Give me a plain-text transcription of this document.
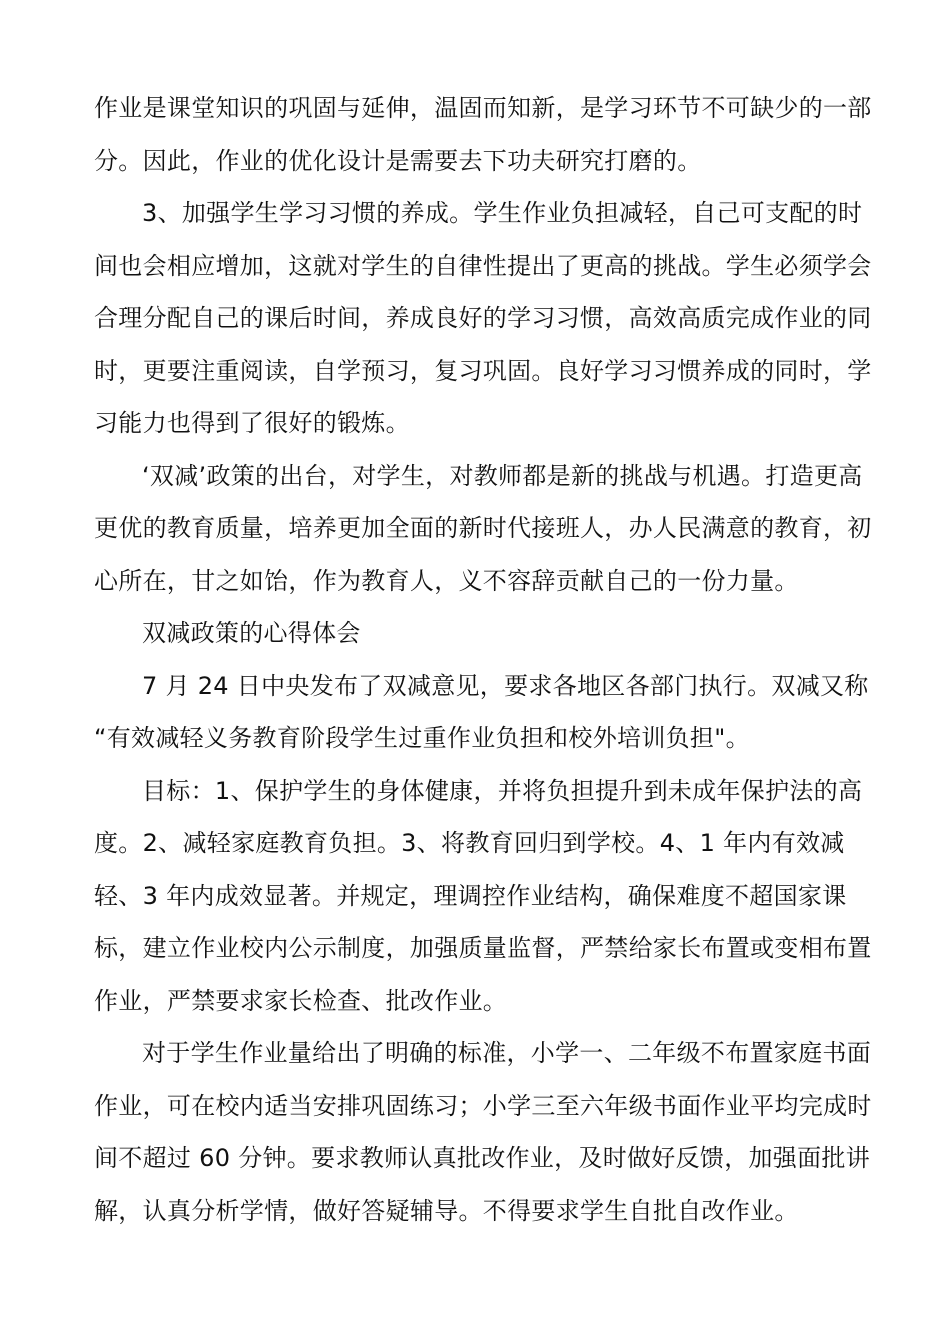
作业是课堂知识的巩固与延伸，温固而知新，是学习环节不可缺少的一部
分。因此，作业的优化设计是需要去下功夫研究打磨的。
3、加强学生学习习惯的养成。学生作业负担减轻，自己可支配的时
间也会相应增加，这就对学生的自律性提出了更高的挑战。学生必须学会
合理分配自己的课后时间，养成良好的学习习惯，高效高质完成作业的同
时，更要注重阅读，自学预习，复习巩固。良好学习习惯养成的同时，学
习能力也得到了很好的锻炼。
‘双减’政策的出台，对学生，对教师都是新的挑战与机遇。打造更高
更优的教育质量，培养更加全面的新时代接班人，办人民满意的教育，初
心所在，甘之如饴，作为教育人，义不容辞贡献自己的一份力量。
双减政策的心得体会
7 月 24 日中央发布了双减意见，要求各地区各部门执行。双减又称
“有效减轻义务教育阶段学生过重作业负担和校外培训负担"。
目标：1、保护学生的身体健康，并将负担提升到未成年保护法的高
度。2、减轻家庭教育负担。3、将教育回归到学校。4、1 年内有效减
轻、3 年内成效显著。并规定，理调控作业结构，确保难度不超国家课
标，建立作业校内公示制度，加强质量监督，严禁给家长布置或变相布置
作业，严禁要求家长检查、批改作业。
对于学生作业量给出了明确的标准，小学一、二年级不布置家庭书面
作业，可在校内适当安排巩固练习；小学三至六年级书面作业平均完成时
间不超过 60 分钟。要求教师认真批改作业，及时做好反馈，加强面批讲
解，认真分析学情，做好答疑辅导。不得要求学生自批自改作业。
